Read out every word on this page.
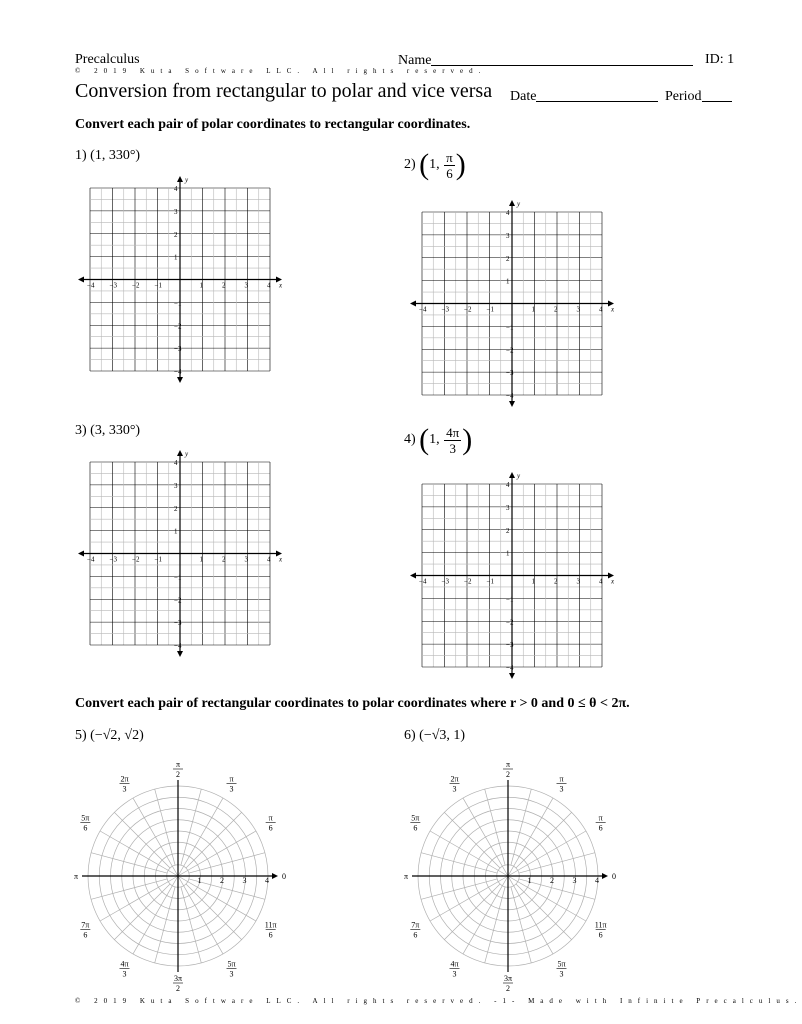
Precalculus	Name	ID: 1
© 2019 Kuta Software LLC. All rights reserved.
Conversion from rectangular to polar and vice versa Date	Period
Convert each pair of polar coordinates to rectangular coordinates.
1) (1, 330°)
2) (1, $\frac{\pi}{6}$ )
3) (3, 330°)
4) (1, $\frac{4\pi}{3}$ )
−4 −3 −2 −1	1	2	3	4
4
3
2
1
−1
−2
−3
−4
x
y
−4 −3 −2 −1	1	2	3	4
4
3
2
1
−1
−2
−3
−4
x
y
−4 −3 −2 −1	1	2	3	4
4
3
2
1
−1
−2
−3
−4
x
y
−4 −3 −2 −1	1	2	3	4
4
3
2
1
−1
−2
−3
−4
x
y
Convert each pair of rectangular coordinates to polar coordinates where r > 0 and 0 ≤ θ < 2π.
5) (−√2, √2)	6) (−√3, 1)
1 2 3 4 0
π
π
2	π
3
π
6
2π
3
5π
6
7π
6
4π
3	3π
2
5π
3
11π
6
1 2 3 4 0
π
π
2	π
3
π
6
2π
3
5π
6
7π
6
4π
3	3π
2
5π
3
11π
6
© 2019 Kuta Software LLC. All rights reserved. -1- Made with Infinite Precalculus.
